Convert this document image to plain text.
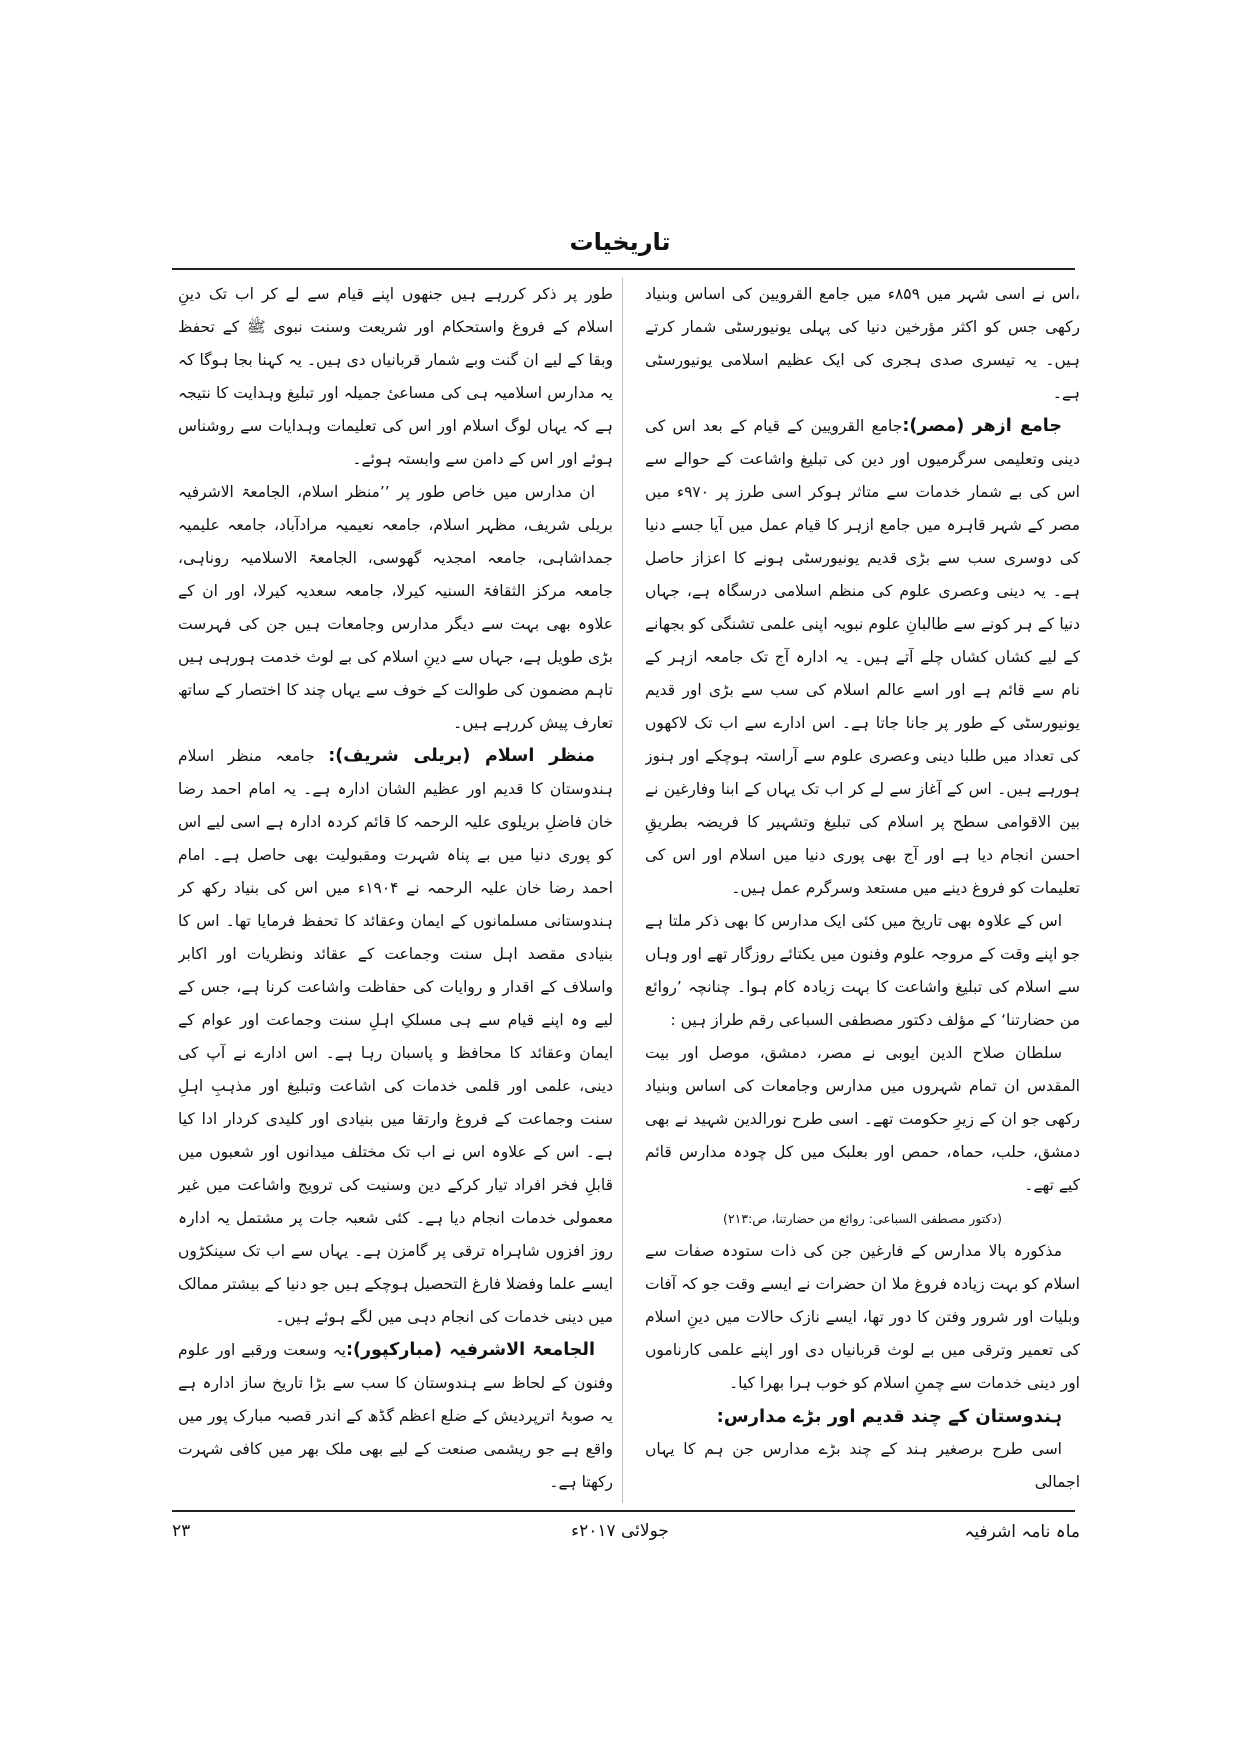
تاریخیات

،اس نے اسی شہر میں ۸۵۹ء میں جامع القرویین کی اساس وبنیاد رکھی جس کو اکثر مؤرخین دنیا کی پہلی یونیورسٹی شمار کرتے ہیں۔ یہ تیسری صدی ہجری کی ایک عظیم اسلامی یونیورسٹی ہے۔

جامع ازھر (مصر):جامع القرویین کے قیام کے بعد اس کی دینی وتعلیمی سرگرمیوں اور دین کی تبلیغ واشاعت کے حوالے سے اس کی بے شمار خدمات سے متاثر ہوکر اسی طرز پر ۹۷۰ء میں مصر کے شہر قاہرہ میں جامع ازہر کا قیام عمل میں آیا جسے دنیا کی دوسری سب سے بڑی قدیم یونیورسٹی ہونے کا اعزاز حاصل ہے۔ یہ دینی وعصری علوم کی منظم اسلامی درسگاہ ہے، جہاں دنیا کے ہر کونے سے طالبانِ علوم نبویہ اپنی علمی تشنگی کو بجھانے کے لیے کشاں کشاں چلے آتے ہیں۔ یہ ادارہ آج تک جامعہ ازہر کے نام سے قائم ہے اور اسے عالم اسلام کی سب سے بڑی اور قدیم یونیورسٹی کے طور پر جانا جاتا ہے۔ اس ادارے سے اب تک لاکھوں کی تعداد میں طلبا دینی وعصری علوم سے آراستہ ہوچکے اور ہنوز ہورہے ہیں۔ اس کے آغاز سے لے کر اب تک یہاں کے ابنا وفارغین نے بین الاقوامی سطح پر اسلام کی تبلیغ وتشہیر کا فریضہ بطریقِ احسن انجام دیا ہے اور آج بھی پوری دنیا میں اسلام اور اس کی تعلیمات کو فروغ دینے میں مستعد وسرگرم عمل ہیں۔

اس کے علاوہ بھی تاریخ میں کئی ایک مدارس کا بھی ذکر ملتا ہے جو اپنے وقت کے مروجہ علوم وفنون میں یکتائے روزگار تھے اور وہاں سے اسلام کی تبلیغ واشاعت کا بہت زیادہ کام ہوا۔ چنانچہ ’روائع من حضارتنا‘ کے مؤلف دکتور مصطفی السباعی رقم طراز ہیں :

سلطان صلاح الدین ایوبی نے مصر، دمشق، موصل اور بیت المقدس ان تمام شہروں میں مدارس وجامعات کی اساس وبنیاد رکھی جو ان کے زیرِ حکومت تھے۔ اسی طرح نورالدین شہید نے بھی دمشق، حلب، حماہ، حمص اور بعلبک میں کل چودہ مدارس قائم کیے تھے۔

(دکتور مصطفی السباعی: روائع من حضارتنا، ص:۲۱۳)

مذکورہ بالا مدارس کے فارغین جن کی ذات ستودہ صفات سے اسلام کو بہت زیادہ فروغ ملا ان حضرات نے ایسے وقت جو کہ آفات وبلیات اور شرور وفتن کا دور تھا، ایسے نازک حالات میں دینِ اسلام کی تعمیر وترقی میں بے لوث قربانیاں دی اور اپنے علمی کارناموں اور دینی خدمات سے چمنِ اسلام کو خوب ہرا بھرا کیا۔

ہندوستان کے چند قدیم اور بڑے مدارس:

اسی طرح برصغیر ہند کے چند بڑے مدارس جن ہم کا یہاں اجمالی

طور پر ذکر کررہے ہیں جنھوں اپنے قیام سے لے کر اب تک دینِ اسلام کے فروغ واستحکام اور شریعت وسنت نبوی ﷺ کے تحفظ وبقا کے لیے ان گنت وبے شمار قربانیاں دی ہیں۔ یہ کہنا بجا ہوگا کہ یہ مدارس اسلامیہ ہی کی مساعیٔ جمیلہ اور تبلیغ وہدایت کا نتیجہ ہے کہ یہاں لوگ اسلام اور اس کی تعلیمات وہدایات سے روشناس ہوئے اور اس کے دامن سے وابستہ ہوئے۔

ان مدارس میں خاص طور پر ’’منظر اسلام، الجامعۃ الاشرفیہ بریلی شریف، مظہر اسلام، جامعہ نعیمیہ مرادآباد، جامعہ علیمیہ جمداشاہی، جامعہ امجدیہ گھوسی، الجامعۃ الاسلامیہ روناہی، جامعہ مرکز الثقافۃ السنیہ کیرلا، جامعہ سعدیہ کیرلا، اور ان کے علاوہ بھی بہت سے دیگر مدارس وجامعات ہیں جن کی فہرست بڑی طویل ہے، جہاں سے دینِ اسلام کی بے لوث خدمت ہورہی ہیں تاہم مضمون کی طوالت کے خوف سے یہاں چند کا اختصار کے ساتھ تعارف پیش کررہے ہیں۔

منظر اسلام (بریلی شریف): جامعہ منظر اسلام ہندوستان کا قدیم اور عظیم الشان ادارہ ہے۔ یہ امام احمد رضا خان فاضلِ بریلوی علیہ الرحمہ کا قائم کردہ ادارہ ہے اسی لیے اس کو پوری دنیا میں بے پناہ شہرت ومقبولیت بھی حاصل ہے۔ امام احمد رضا خان علیہ الرحمہ نے ۱۹۰۴ء میں اس کی بنیاد رکھ کر ہندوستانی مسلمانوں کے ایمان وعقائد کا تحفظ فرمایا تھا۔ اس کا بنیادی مقصد اہل سنت وجماعت کے عقائد ونظریات اور اکابر واسلاف کے اقدار و روایات کی حفاظت واشاعت کرنا ہے، جس کے لیے وہ اپنے قیام سے ہی مسلکِ اہلِ سنت وجماعت اور عوام کے ایمان وعقائد کا محافظ و پاسبان رہا ہے۔ اس ادارے نے آپ کی دینی، علمی اور قلمی خدمات کی اشاعت وتبلیغ اور مذہبِ اہلِ سنت وجماعت کے فروغ وارتقا میں بنیادی اور کلیدی کردار ادا کیا ہے۔ اس کے علاوہ اس نے اب تک مختلف میدانوں اور شعبوں میں قابلِ فخر افراد تیار کرکے دین وسنیت کی ترویج واشاعت میں غیر معمولی خدمات انجام دیا ہے۔ کئی شعبہ جات پر مشتمل یہ ادارہ روز افزوں شاہراہ ترقی پر گامزن ہے۔ یہاں سے اب تک سینکڑوں ایسے علما وفضلا فارغ التحصیل ہوچکے ہیں جو دنیا کے بیشتر ممالک میں دینی خدمات کی انجام دہی میں لگے ہوئے ہیں۔

الجامعۃ الاشرفیہ (مبارکپور):یہ وسعت ورقبے اور علوم وفنون کے لحاظ سے ہندوستان کا سب سے بڑا تاریخ ساز ادارہ ہے یہ صوبۂ اترپردیش کے ضلع اعظم گڈھ کے اندر قصبہ مبارک پور میں واقع ہے جو ریشمی صنعت کے لیے بھی ملک بھر میں کافی شہرت رکھتا ہے۔

ماہ نامہ اشرفیہ
جولائی ۲۰۱۷ء
۲۳
